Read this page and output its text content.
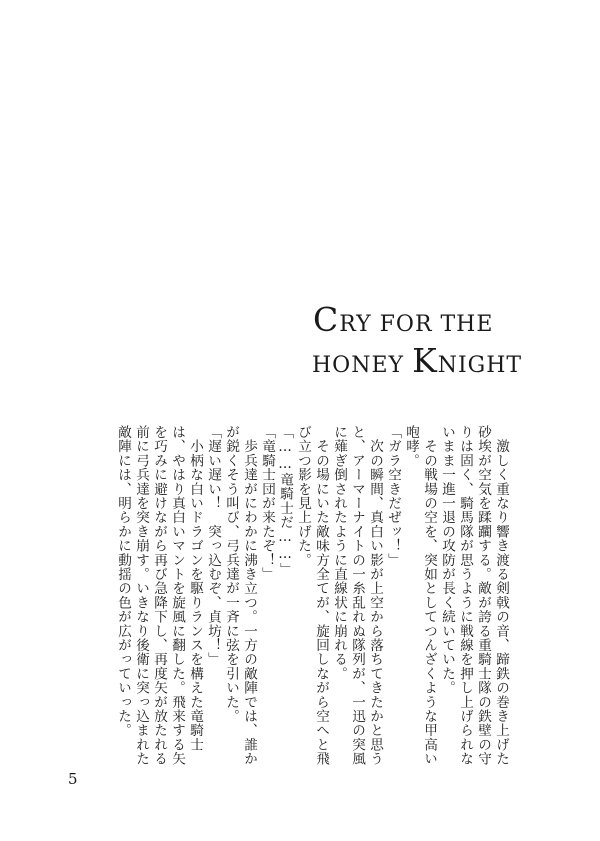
CRY FOR THE
HONEY KNIGHT

　激しく重なり響き渡る剣戟の音、蹄鉄の巻き上げた

砂埃が空気を蹂躙する。敵が誇る重騎士隊の鉄壁の守

りは固く、騎馬隊が思うように戦線を押し上げられな

いまま一進一退の攻防が長く続いていた。

　その戦場の空を、突如としてつんざくような甲高い

咆哮。

「ガラ空きだぜッ！」

　次の瞬間、真白い影が上空から落ちてきたかと思う

と、アーマーナイトの一糸乱れぬ隊列が、一迅の突風

に薙ぎ倒されたように直線状に崩れる。

　その場にいた敵味方全てが、旋回しながら空へと飛

び立つ影を見上げた。

「……竜騎士だ……」

「竜騎士団が来たぞ！」

　歩兵達がにわかに沸き立つ。一方の敵陣では、誰か

が鋭くそう叫び、弓兵達が一斉に弦を引いた。

「遅い遅い！　突っ込むぞ、貞坊！」

　小柄な白いドラゴンを駆りランスを構えた竜騎士

は、やはり真白いマントを旋風に翻した。飛来する矢

を巧みに避けながら再び急降下し、再度矢が放たれる

前に弓兵達を突き崩す。いきなり後衛に突っ込まれた

敵陣には、明らかに動揺の色が広がっていった。

5
